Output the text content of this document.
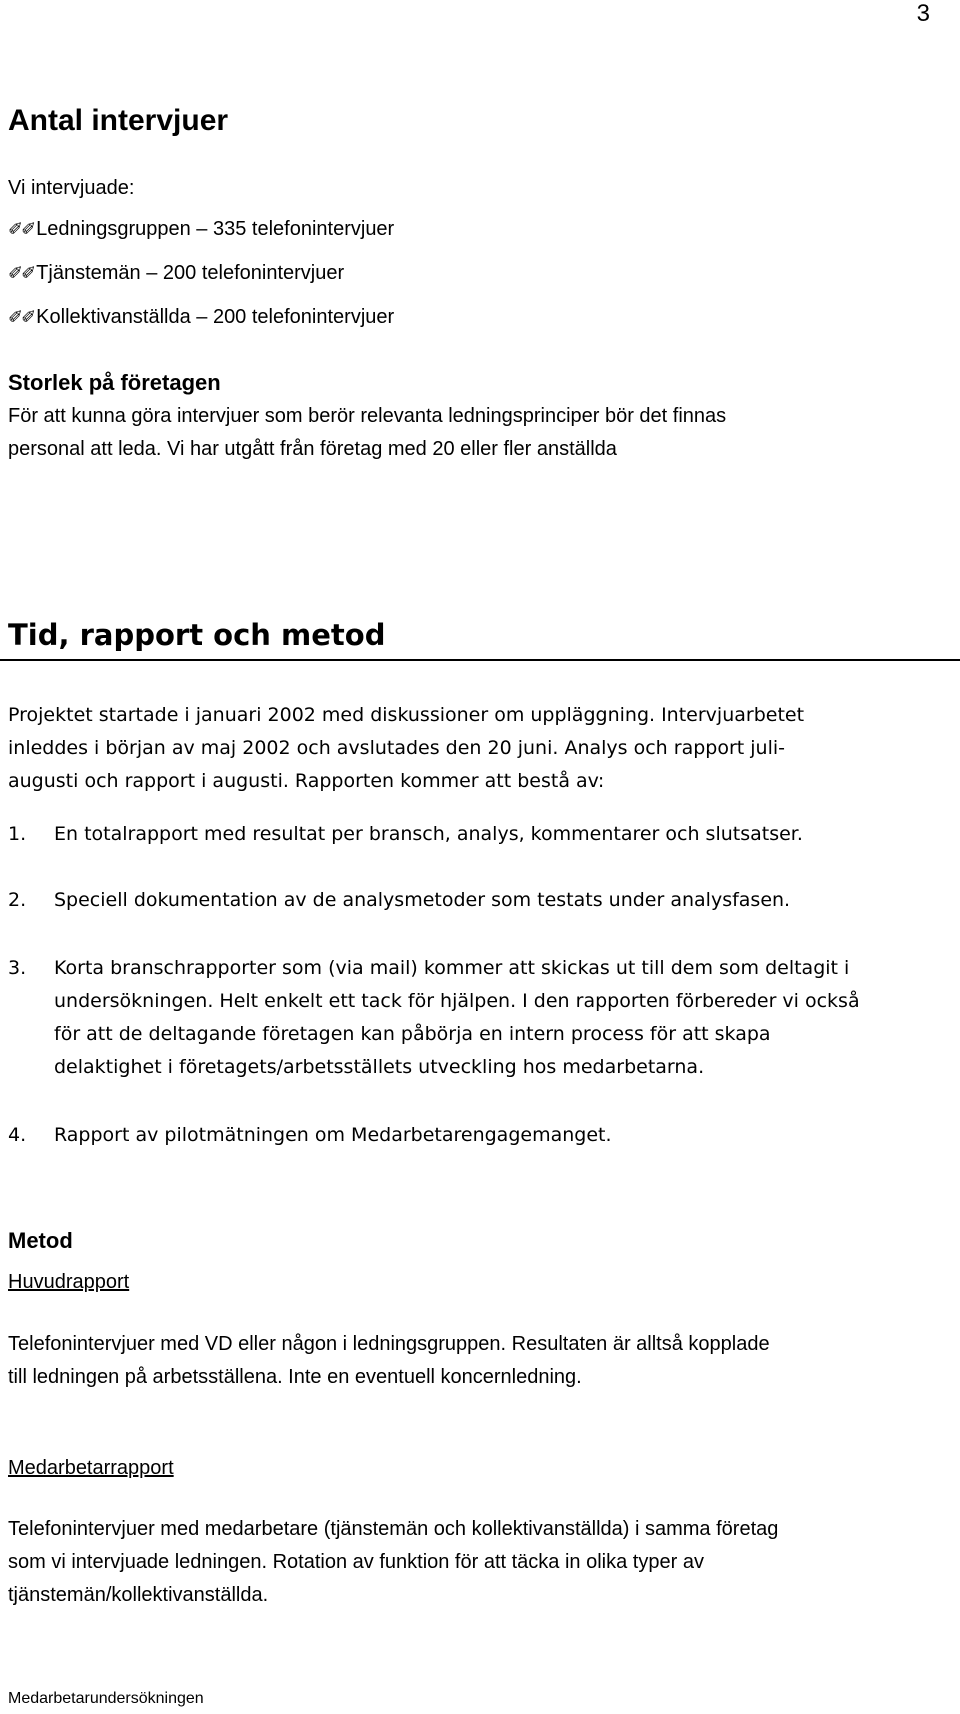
3
Antal intervjuer
Vi intervjuade:
✐✐ Ledningsgruppen – 335 telefonintervjuer
✐✐ Tjänstemän – 200 telefonintervjuer
✐✐ Kollektivanställda – 200 telefonintervjuer
Storlek på företagen
För att kunna göra intervjuer som berör relevanta ledningsprinciper bör det finnas
personal att leda. Vi har utgått från företag med 20 eller fler anställda
Tid, rapport och metod
Projektet startade i januari 2002 med diskussioner om uppläggning. Intervjuarbetet
inleddes i början av maj 2002 och avslutades den 20 juni. Analys och rapport juli-
augusti och rapport i augusti. Rapporten kommer att bestå av:
1. En totalrapport med resultat per bransch, analys, kommentarer och slutsatser.
2. Speciell dokumentation av de analysmetoder som testats under analysfasen.
3. Korta branschrapporter som (via mail) kommer att skickas ut till dem som deltagit i
undersökningen. Helt enkelt ett tack för hjälpen. I den rapporten förbereder vi också
för att de deltagande företagen kan påbörja en intern process för att skapa
delaktighet i företagets/arbetsställets utveckling hos medarbetarna.
4. Rapport av pilotmätningen om Medarbetarengagemanget.
Metod
Huvudrapport
Telefonintervjuer med VD eller någon i ledningsgruppen. Resultaten är alltså kopplade
till ledningen på arbetsställena. Inte en eventuell koncernledning.
Medarbetarrapport
Telefonintervjuer med medarbetare (tjänstemän och kollektivanställda) i samma företag
som vi intervjuade ledningen. Rotation av funktion för att täcka in olika typer av
tjänstemän/kollektivanställda.
Medarbetarundersökningen
